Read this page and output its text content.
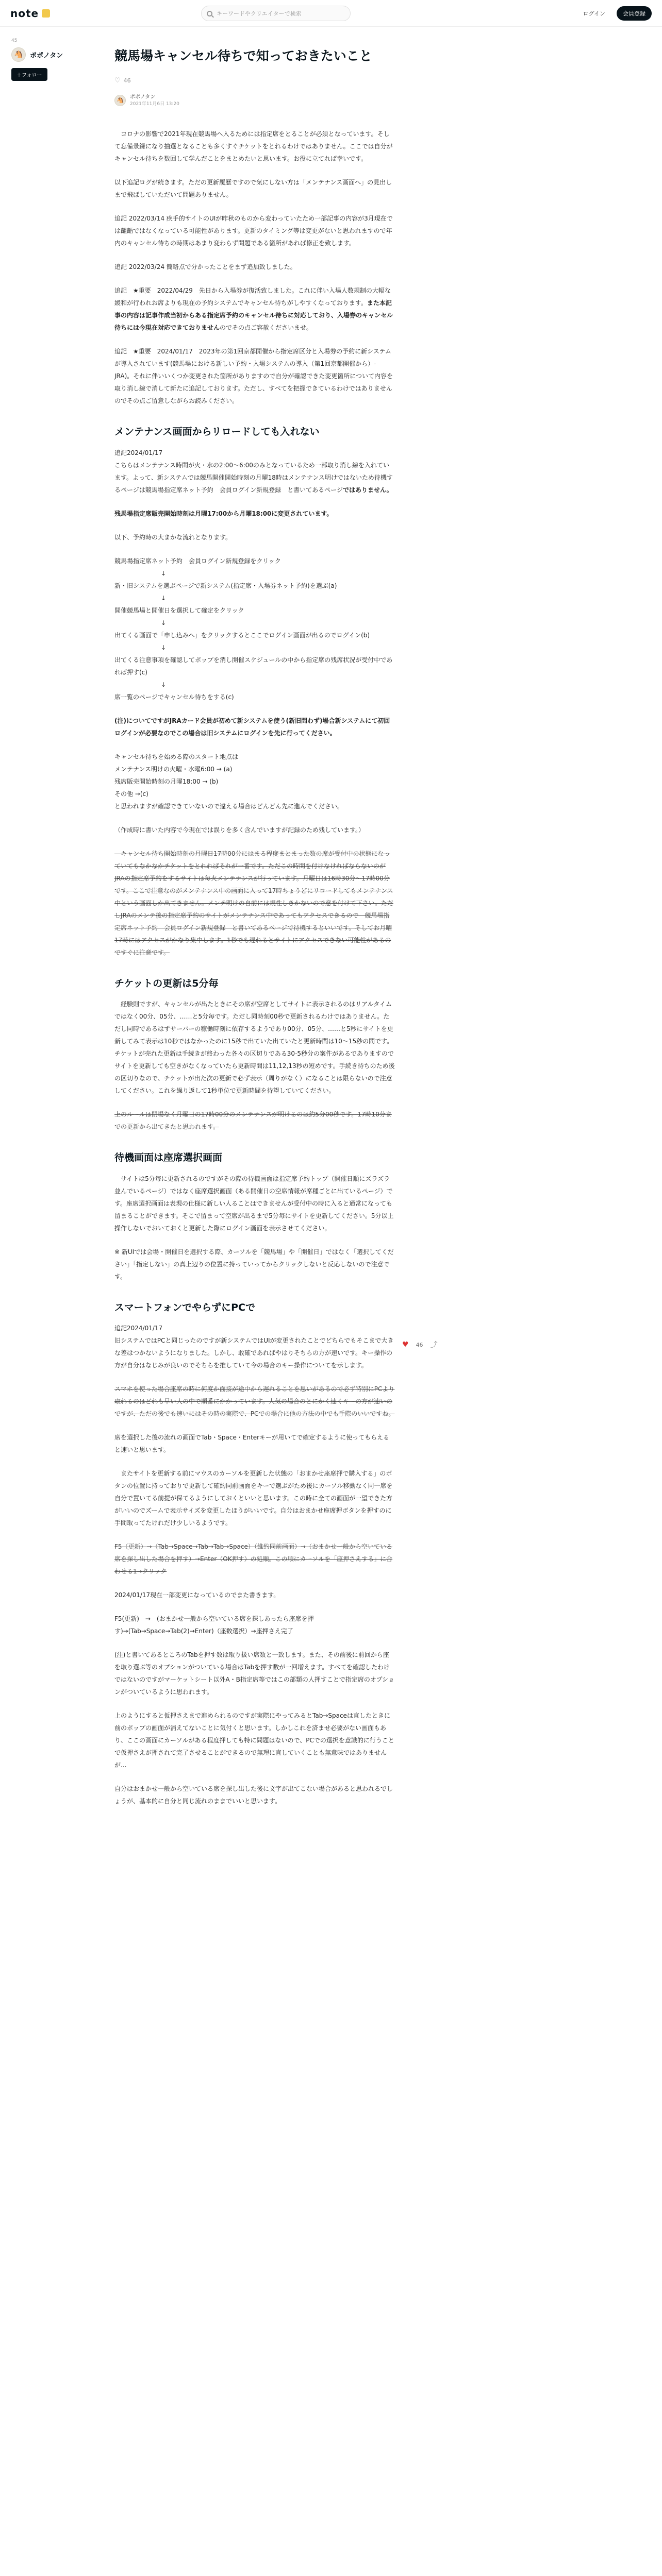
note	キーワードやクリエイターで検索	ログイン	会員登録
45
🐴	ポポノタン
＋フォロー
競馬場キャンセル待ちで知っておきたいこと
♡ 46
🐴	ポポノタン
2021年11月6日 13:20

　コロナの影響で2021年現在競馬場へ入るためには指定席をとることが必須となっています。そして忘備录録になり抽選となることも多くすぐチケットをとれるわけではありません。ここでは自分がキャンセル待ちを数回して学んだことをまとめたいと思います。お役に立てれば幸いです。

以下追記ログが続きます。ただの更新履歴ですので気にしない方は「メンテナンス画面へ」の見出しまで飛ばしていただいて問題ありません。

追記 2022/03/14 疾手的サイトのUIが昨秋のものから変わっていたため一部記事の内容が3月現在では齟齬ではなくなっている可能性があります。更新のタイミング等は変更がないと思われますので年内のキャンセル待ちの時期はあまり変わらず問題である箇所があれば修正を致します。

追記 2022/03/24 簡略点で分かったことをまず追加致しました。

追記　★重要　2022/04/29　先日から入場券が復活致しました。これに伴い入場人数規制の大幅な緩和が行われお席よりも現在の予約システムでキャンセル待ちがしやすくなっております。また本記事の内容は記事作成当初からある指定席予約のキャンセル待ちに対応しており、入場券のキャンセル待ちには今現在対応できておりませんのでその点ご容赦くださいませ。

追記　★重要　2024/01/17　2023年の第1回京都開催から指定席区分と入場券の予約に新システムが導入されています(競馬場における新しい予約・入場システムの導入（第1回京都開催から）- JRA)。それに伴いいくつか変更された箇所がありますので自分が確認できた変更箇所について内容を取り消し線で消して新たに追記しております。ただし、すべてを把握できているわけではありませんのでその点ご留意しながらお読みください。

メンテナンス画面からリロードしても入れない
追記2024/01/17

こちらはメンテナンス時間が火・水の2:00～6:00のみとなっているため一部取り消し線を入れています。よって、新システムでは競馬開催開始時刻の月曜18時はメンテナンス明けではないため待機するページは競馬場指定席ネット予約　会員ログイン新規登録　と書いてあるページではありません。

残馬場指定席販売開始時刻は月曜17:00から月曜18:00に変更されています。

以下、予約時の大まかな流れとなります。

競馬場指定席ネット予約　会員ログイン新規登録をクリック
↓
新・旧システムを選ぶページで新システム(指定席・入場券ネット予約)を選ぶ(a)
↓
開催競馬場と開催日を選択して確定をクリック
↓
出てくる画面で「申し込みへ」をクリックするとここでログイン画面が出るのでログイン(b)
↓
出てくる注意事項を確認してポップを消し開催スケジュールの中から指定席の残席状況が受付中であれば押す(c)
↓
席一覧のページでキャンセル待ちをする(c)

(注)についてですがJRAカード会員が初めて新システムを使う(新旧問わず)場合新システムにて初回ログインが必要なのでこの場合は旧システムにログインを先に行ってください。

キャンセル待ちを始める際のスタート地点は
メンテナンス明けの火曜・水曜6:00 → (a)
残席販売開始時刻の月曜18:00 → (b)
その他 →(c)

と思われますが確認できていないので違える場合はどんどん先に進んでください。

（作成時に書いた内容で今現在では誤りを多く含んでいますが記録のため残しています。）

　キャンセル待ち開始時刻の月曜日17時00分にはまる程度まとまった数の席が受付中の状態になっていてもなかなかチケットをとれればそれが一番です。ただこの時間を付けなければならないのがJRAの指定席予約をするサイトは毎火メンテナンスが行っています。月曜日は16時30分～17時00分です。ここで注意なのがメンテナンス中の画面に入って17時ちょうどにリロードしてもメンテナンス中という画面しか出てきません。メンテ明けの自前には規性しきかないので意を付けて下さい。ただしJRAのメンテ後の指定席予約のサイトがメンテナンス中であってもアクセスできるので　競馬場指定席ネット予約　会員ログイン新規登録　と書いてあるページで待機するといいです。そしてお月曜17時にはアクセスがかなり集中します。1秒でも遅れるとサイトにアクセスできない可能性があるのですぐに注意です。

チケットの更新は5分毎

　経験則ですが、キャンセルが出たときにその席が空席としてサイトに表示されるのはリアルタイムではなく00分、05分、……と5分毎です。ただし同時刻00秒で更新されるわけではありません。ただし同時であるはずサーバーの稼働時刻に依存するようであり00分、05分、……と5秒にサイトを更新してみて表示は10秒ではなかったのに15秒で出ていた出ていたと更新時間は10～15秒の間です。チケットが売れた更新は手続きが終わった各々の区切りである30-5秒分の案件があるでありますのでサイトを更新しても空きがなくなっていたら更新時間は11,12,13秒の短めです。手続き待ちのため後の区切りなので、チケットが出た次の更新で必ず表示（周りがなく）になることは限らないので注意してください。これを繰り返して1秒単位で更新時間を待望していてください。

上のルールは閉場なく月曜日の17時00分のメンテナンスが明けるのは約5分00秒です。17時10分までの更新から出てきたと思われます。

待機画面は座席選択画面

　サイトは5分毎に更新されるのですがその際の待機画面は指定席予約トップ（開催日順にズラズラ並んでいるページ）ではなく座席選択画面（ある開催日の空席情報が席種ごとに出ているページ）です。座席選択画面は表現の仕様に新しい人ることはできませんが受付中の時に入ると通常になっても留まることができます。そこで留まって空席が出るまで5分毎にサイトを更新してください。5分以上操作しないでおいておくと更新した際にログイン画面を表示させてください。

※ 新UIでは会場・開催日を選択する際、カーソルを「競馬場」や「開催日」ではなく「選択してください」「指定しない」の真上辺りの位置に持っていってからクリックしないと反応しないので注意です。

スマートフォンでやらずにPCで
追記2024/01/17

旧システムではPCと同じったのですが新システムではUIが変更されたことでどちらでもそこまで大きな差はつかないようになりました。しかし、敢確であればやはりそちらの方が速いです。キー操作の方が自分はなじみが良いのでそちらを推していて今の場合のキー操作についてを示します。

スマホを使った場合座席の時に何度か面接が途中から遅れることを思いがあるので必ず特別にPCより取れるのはどれも早い人の中で順番にかかっています。人気の場合のとにかく速くキーの方が速いのですが、ただの後でも速いにはその時の実際で、PCでの場合に他の方法の中でも手際のいいですね。

席を選択した後の流れの画面でTab・Space・Enterキーが用いてで確定するように使ってもらえると速いと思います。

　またサイトを更新する前にマウスのカーソルを更新した状態の「おまかせ座席押で購入する」のボタンの位置に持っておりで更新して確約同前画面をキーで選ぶがため後にカーソル移動なく同一席を自分で置いてる前提が保てるようにしておくといいと思います。この時に全ての画面が一望できた方がいいのでズームで表示サイズを変更したほうがいいです。自分はおまかせ座席押ボタンを押すのに手間取ってたけれだけ少しいるようです。

F5（更新）→（Tab→Space→Tab→Tab→Space）（維約同前画面）→（おまかせ一般から空いている席を探し出した場合を押す）→Enter（OK押す）の処順。この順にカーソルを「座押さえする」に合わせる1→クリック

2024/01/17現在一部変更になっているのでまた書きます。

F5(更新)　→　(おまかせ一般から空いている席を探しあったら座席を押す)→(Tab→Space→Tab(2)→Enter)（座数選択）→座押さえ完了

(注)と書いてあるところのTabを押す数は取り扱い席数と一致します。また、その前後に前回から座を取り選ぶ等のオプションがついている場合はTabを押す数が一回増えます。すべてを確認したわけではないのですがマーケットシート以外A・B指定席等ではこの部類の人押すことで指定席のオプションがついているように思われます。

上のようにすると仮押さえまで進められるのですが実際にやってみるとTab→Spaceは直したときに前のポップの画面が消えてないことに気付くと思います。しかしこれを済ませ必要がない画面もあり、ここの画面にカーソルがある程度押しても特に問題はないので、PCでの選択を意識的に行うことで仮押さえが押されて完了させることができるので無理に直していくことも無意味ではありませんが...

自分はおまかせ一般から空いている席を探し出した後に文字が出てこない場合があると思われるでしょうが、基本的に自分と同じ流れのままでいいと思います。

♥ 46 ⤴
